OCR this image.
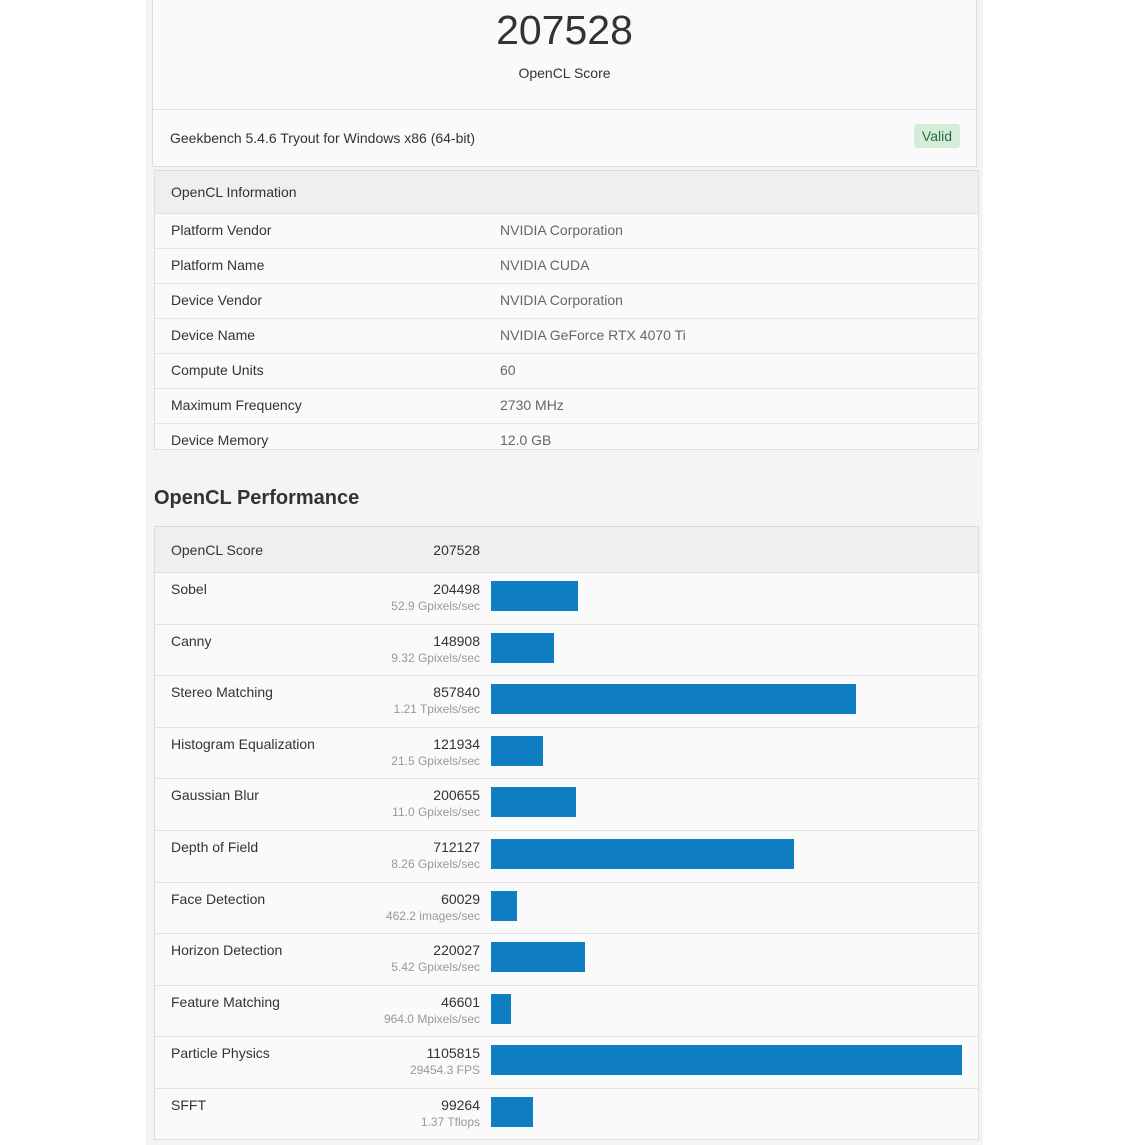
207528
OpenCL Score
Geekbench 5.4.6 Tryout for Windows x86 (64-bit)	Valid
OpenCL Information
Platform Vendor	NVIDIA Corporation
Platform Name	NVIDIA CUDA
Device Vendor	NVIDIA Corporation
Device Name	NVIDIA GeForce RTX 4070 Ti
Compute Units	60
Maximum Frequency	2730 MHz
Device Memory	12.0 GB
OpenCL Performance
OpenCL Score	207528
Sobel	204498
52.9 Gpixels/sec
Canny	148908
9.32 Gpixels/sec
Stereo Matching	857840
1.21 Tpixels/sec
Histogram Equalization	121934
21.5 Gpixels/sec
Gaussian Blur	200655
11.0 Gpixels/sec
Depth of Field	712127
8.26 Gpixels/sec
Face Detection	60029
462.2 images/sec
Horizon Detection	220027
5.42 Gpixels/sec
Feature Matching	46601
964.0 Mpixels/sec
Particle Physics	1105815
29454.3 FPS
SFFT	99264
1.37 Tflops
